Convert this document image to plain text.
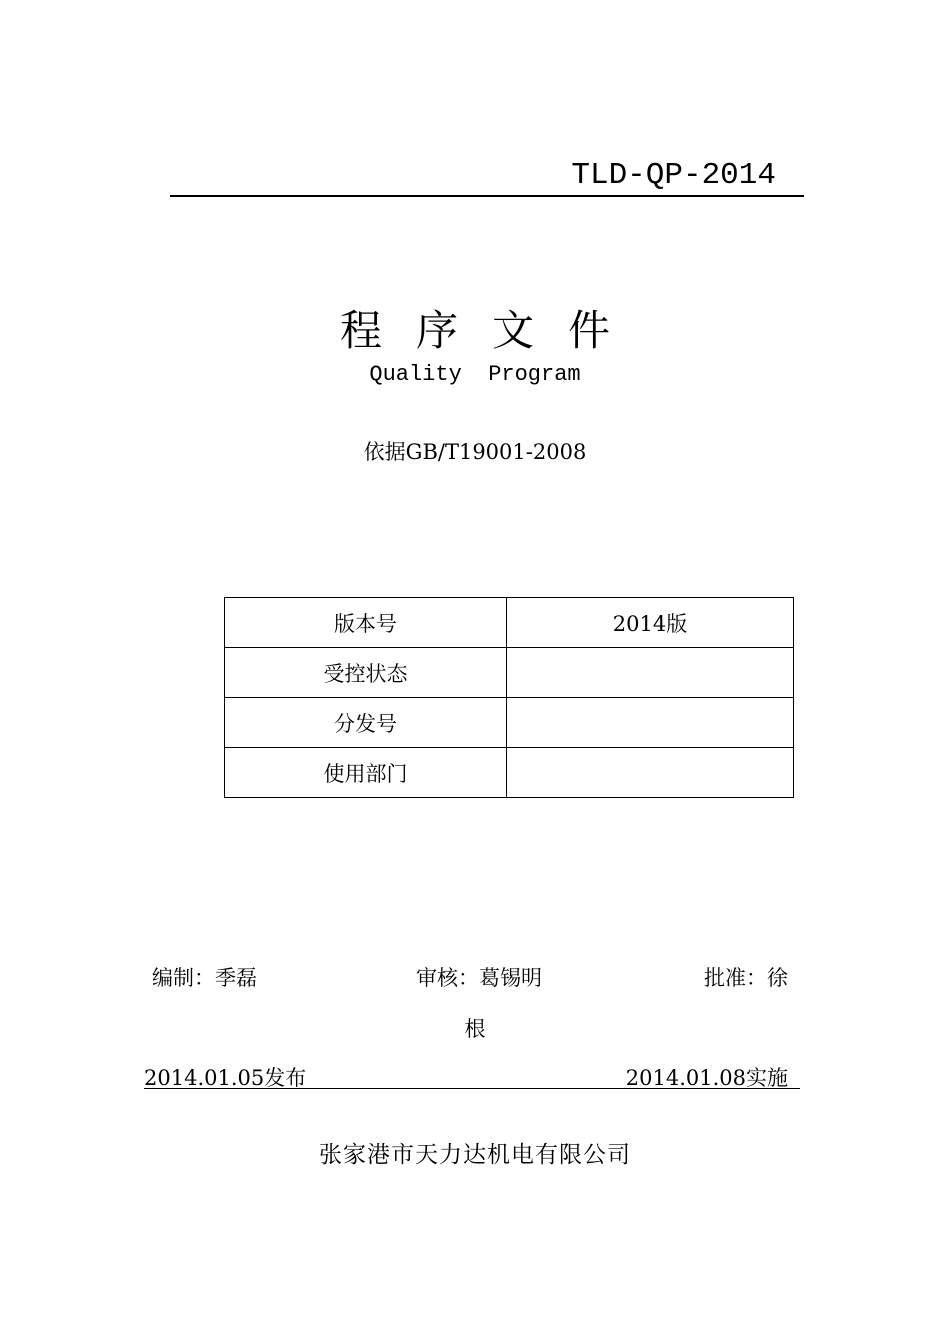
TLD-QP-2014
程序文件
Quality  Program
依据GB/T19001-2008
版本号	2014版
受控状态	
分发号	
使用部门	
编制：季磊	审核：葛锡明	批准：徐
根
2014.01.05发布	2014.01.08实施
张家港市天力达机电有限公司
